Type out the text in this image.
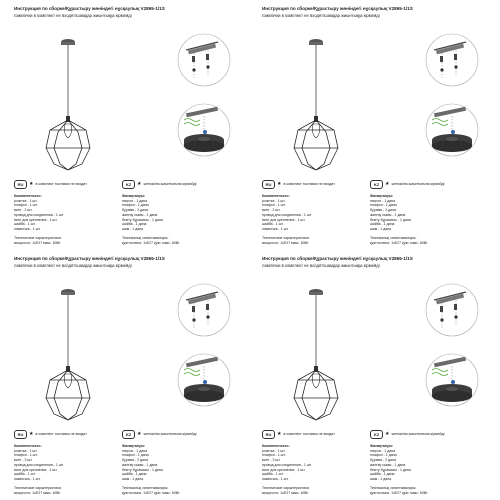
Инструкция по сборке/Құрастыру жөніндегі нұсқаулық V2865-1/1S
лампочки в комплект не входят/шамдар жиынтыққа кірмейді
RU	★ в комплект поставки не входит	KZ	★ жеткізілім жиынтығына кірмейді
Комплектность:
розетка - 1 шт.
плафон - 1 шт.
винт - 2 шт.
провод для соединения - 1 шт
винт для крепления - 1 шт.
шайба - 1 шт.
лампочка - 1 шт.

Технические характеристики:
мощность: 1xE27 макс. 60Вт
Жинақталуы:
патрон - 1 дана
плафон - 1 дана
бұрама - 2 дана
жалғау сымы - 1 дана
бекіту бұрамасы - 1 дана
шайба - 1 дана
шам - 1 дана

Техникалық сипаттамалары:
қуаттылығы: 1xE27 қуат. макс. 60Вт
Инструкция по сборке/Құрастыру жөніндегі нұсқаулық V2865-1/1S
лампочки в комплект не входят/шамдар жиынтыққа кірмейді
RU	★ в комплект поставки не входит	KZ	★ жеткізілім жиынтығына кірмейді
Комплектность:
розетка - 1 шт.
плафон - 1 шт.
винт - 2 шт.
провод для соединения - 1 шт
винт для крепления - 1 шт.
шайба - 1 шт.
лампочка - 1 шт.

Технические характеристики:
мощность: 1xE27 макс. 60Вт
Жинақталуы:
патрон - 1 дана
плафон - 1 дана
бұрама - 2 дана
жалғау сымы - 1 дана
бекіту бұрамасы - 1 дана
шайба - 1 дана
шам - 1 дана

Техникалық сипаттамалары:
қуаттылығы: 1xE27 қуат. макс. 60Вт
Инструкция по сборке/Құрастыру жөніндегі нұсқаулық V2865-1/1S
лампочки в комплект не входят/шамдар жиынтыққа кірмейді
RU	★ в комплект поставки не входит	KZ	★ жеткізілім жиынтығына кірмейді
Комплектность:
розетка - 1 шт.
плафон - 1 шт.
винт - 2 шт.
провод для соединения - 1 шт
винт для крепления - 1 шт.
шайба - 1 шт.
лампочка - 1 шт.

Технические характеристики:
мощность: 1xE27 макс. 60Вт
Жинақталуы:
патрон - 1 дана
плафон - 1 дана
бұрама - 2 дана
жалғау сымы - 1 дана
бекіту бұрамасы - 1 дана
шайба - 1 дана
шам - 1 дана

Техникалық сипаттамалары:
қуаттылығы: 1xE27 қуат. макс. 60Вт
Инструкция по сборке/Құрастыру жөніндегі нұсқаулық V2865-1/1S
лампочки в комплект не входят/шамдар жиынтыққа кірмейді
RU	★ в комплект поставки не входит	KZ	★ жеткізілім жиынтығына кірмейді
Комплектность:
розетка - 1 шт.
плафон - 1 шт.
винт - 2 шт.
провод для соединения - 1 шт
винт для крепления - 1 шт.
шайба - 1 шт.
лампочка - 1 шт.

Технические характеристики:
мощность: 1xE27 макс. 60Вт
Жинақталуы:
патрон - 1 дана
плафон - 1 дана
бұрама - 2 дана
жалғау сымы - 1 дана
бекіту бұрамасы - 1 дана
шайба - 1 дана
шам - 1 дана

Техникалық сипаттамалары:
қуаттылығы: 1xE27 қуат. макс. 60Вт
